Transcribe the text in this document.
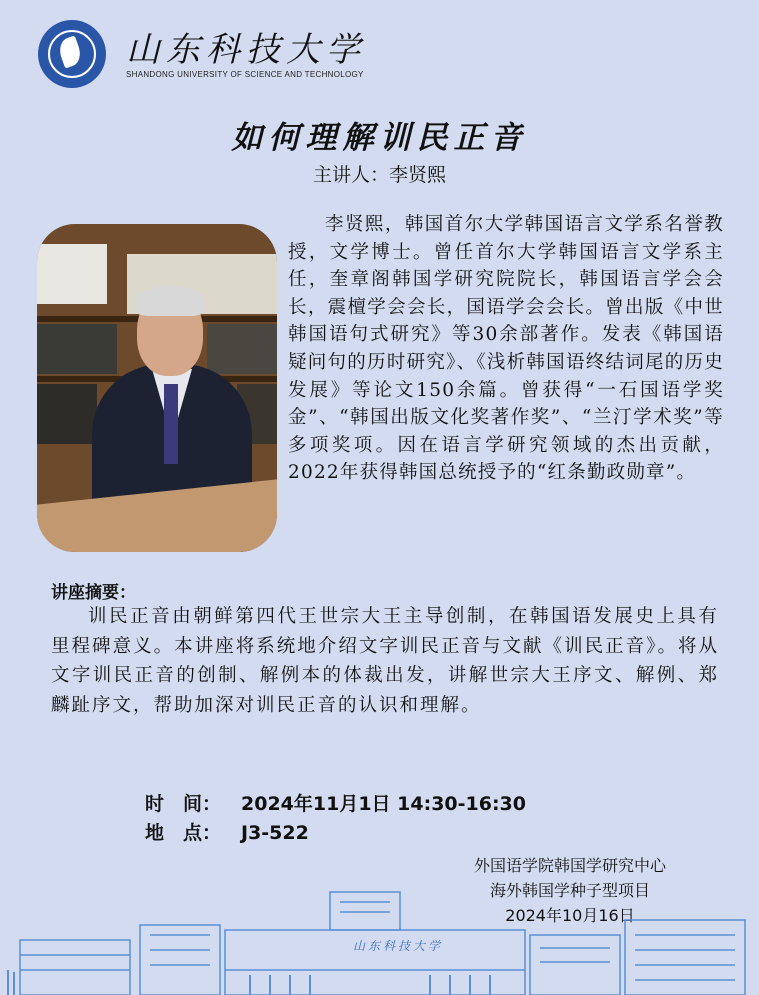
山东科技大学
SHANDONG UNIVERSITY OF SCIENCE AND TECHNOLOGY
如何理解训民正音
主讲人：李贤熙
李贤熙，韩国首尔大学韩国语言文学系名誉教授，文学博士。曾任首尔大学韩国语言文学系主任，奎章阁韩国学研究院院长，韩国语言学会会长，震檀学会会长，国语学会会长。曾出版《中世韩国语句式研究》等30余部著作。发表《韩国语疑问句的历时研究》、《浅析韩国语终结词尾的历史发展》等论文150余篇。曾获得“一石国语学奖金”、“韩国出版文化奖著作奖”、“兰汀学术奖”等多项奖项。因在语言学研究领域的杰出贡献，2022年获得韩国总统授予的“红条勤政勋章”。
讲座摘要：
训民正音由朝鲜第四代王世宗大王主导创制，在韩国语发展史上具有里程碑意义。本讲座将系统地介绍文字训民正音与文献《训民正音》。将从文字训民正音的创制、解例本的体裁出发，讲解世宗大王序文、解例、郑麟趾序文，帮助加深对训民正音的认识和理解。
时　间： 2024年11月1日 14:30-16:30
地　点： J3-522
外国语学院韩国学研究中心
海外韩国学种子型项目
2024年10月16日
山东科技大学
